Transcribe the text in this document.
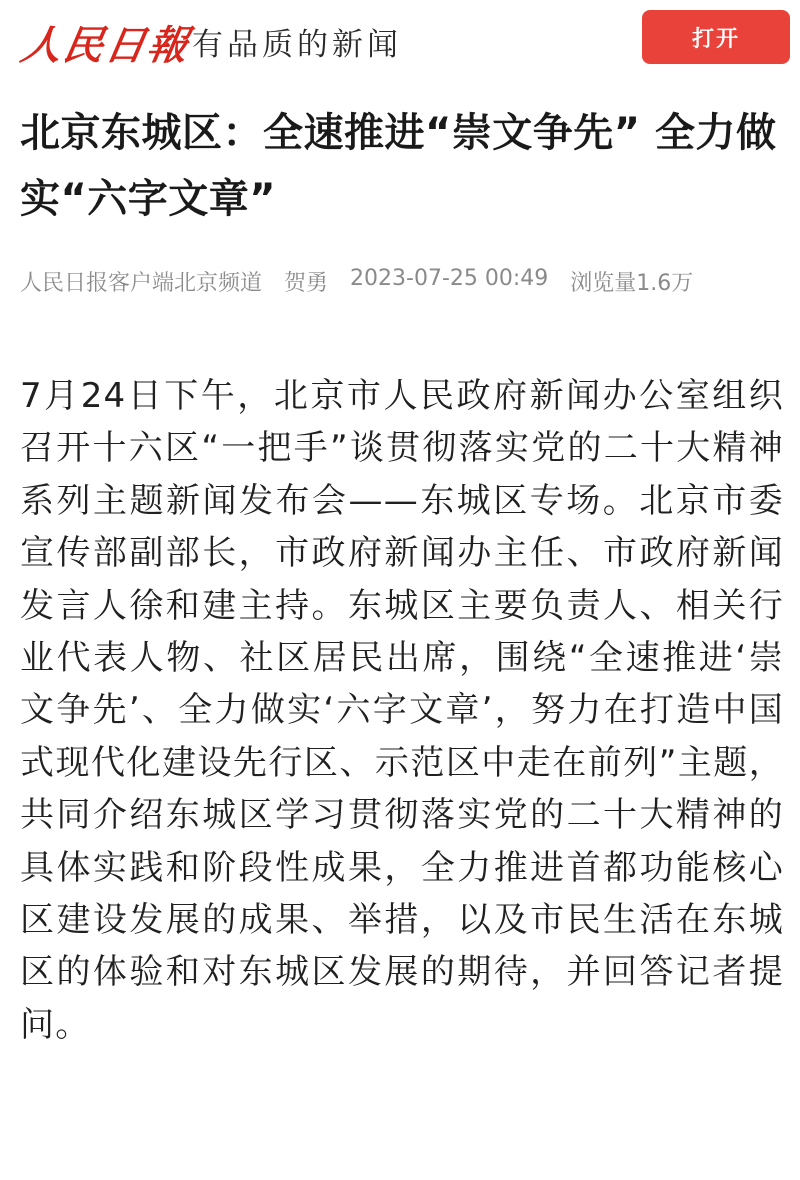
人民日報
有品质的新闻	打开
北京东城区：全速推进“崇文争先” 全力做实“六字文章”
人民日报客户端北京频道 贺勇 2023-07-25 00:49 浏览量1.6万

7月24日下午，北京市人民政府新闻办公室组织召开十六区“一把手”谈贯彻落实党的二十大精神系列主题新闻发布会——东城区专场。北京市委宣传部副部长，市政府新闻办主任、市政府新闻发言人徐和建主持。东城区主要负责人、相关行业代表人物、社区居民出席，围绕“全速推进‘崇文争先’、全力做实‘六字文章’，努力在打造中国式现代化建设先行区、示范区中走在前列”主题，共同介绍东城区学习贯彻落实党的二十大精神的具体实践和阶段性成果，全力推进首都功能核心区建设发展的成果、举措，以及市民生活在东城区的体验和对东城区发展的期待，并回答记者提问。
